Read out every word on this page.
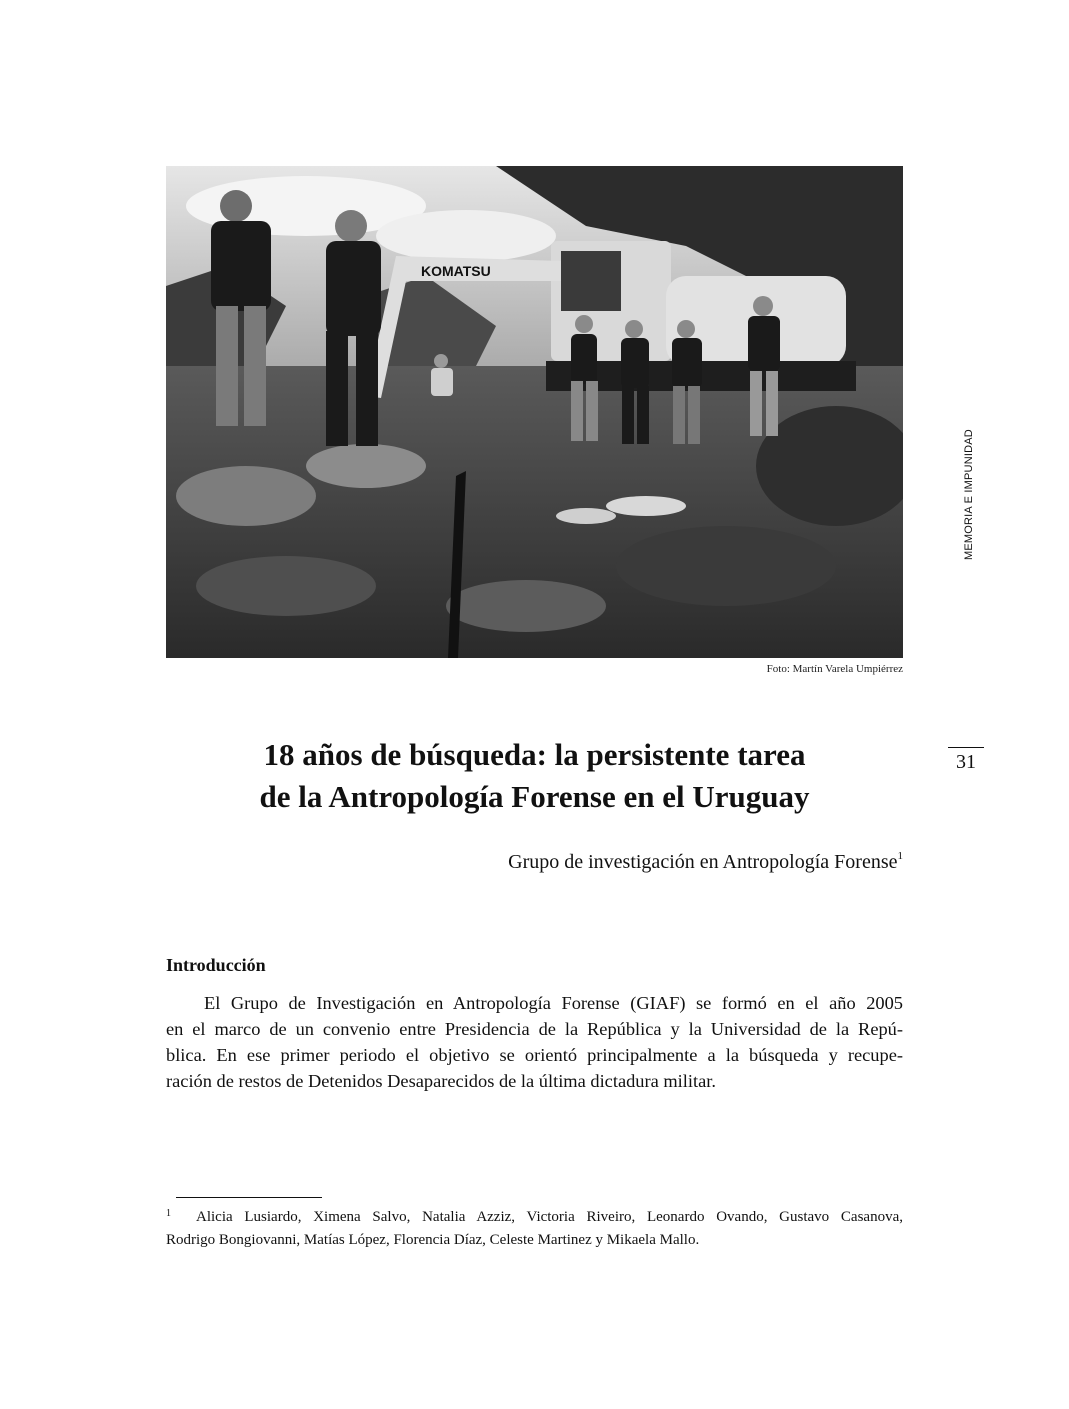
KOMATSU
Foto: Martín Varela Umpiérrez
MEMORIA E IMPUNIDAD
31
18 años de búsqueda: la persistente tarea
de la Antropología Forense en el Uruguay
Grupo de investigación en Antropología Forense$^1$
Introducción
El Grupo de Investigación en Antropología Forense (GIAF) se formó en el año 2005
en el marco de un convenio entre Presidencia de la República y la Universidad de la Repú-
blica. En ese primer periodo el objetivo se orientó principalmente a la búsqueda y recupe-
ración de restos de Detenidos Desaparecidos de la última dictadura militar.
1 Alicia Lusiardo, Ximena Salvo, Natalia Azziz, Victoria Riveiro, Leonardo Ovando, Gustavo Casanova,
Rodrigo Bongiovanni, Matías López, Florencia Díaz, Celeste Martinez y Mikaela Mallo.
